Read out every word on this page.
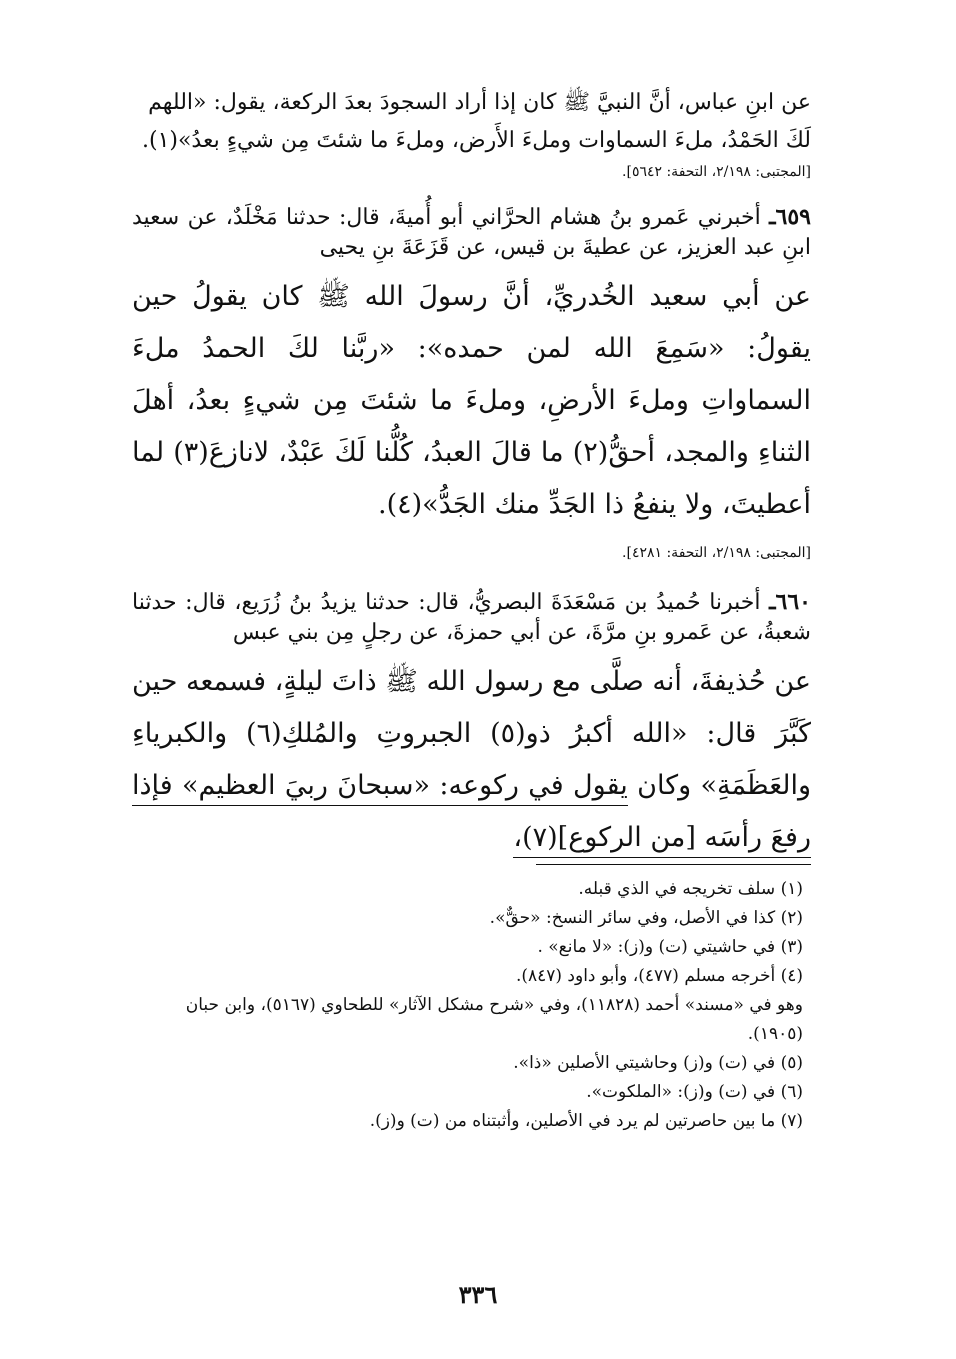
عن ابنِ عباس، أنَّ النبيَّ ﷺ كان إذا أراد السجودَ بعدَ الركعة، يقول: «اللهم

لَكَ الحَمْدُ، ملءَ السماوات وملءَ الأَرض، وملءَ ما شئتَ مِن شيءٍ بعدُ»(١).

[المجتبى: ٢/١٩٨، التحفة: ٥٦٤٢].

٦٥٩ـ أخبرني عَمرو بنُ هشام الحرَّاني أبو أُميةَ، قال: حدثنا مَخْلَدٌ، عن سعيد ابنِ عبد العزيز، عن عطيةَ بن قيس، عن قَزَعَةَ بنِ يحيى

عن أبي سعيد الخُدريِّ، أنَّ رسولَ الله ﷺ كان يقولُ حين يقولُ: «سَمِعَ الله لمن حمده»: «ربَّنا لكَ الحمدُ ملءَ السماواتِ وملءَ الأرضِ، وملءَ ما شئتَ مِن شيءٍ بعدُ، أهلَ الثناءِ والمجد، أحقُّ(٢) ما قالَ العبدُ، كُلُّنا لَكَ عَبْدٌ، لانازعَ(٣) لما أعطيتَ، ولا ينفعُ ذا الجَدِّ منك الجَدُّ»(٤).

[المجتبى: ٢/١٩٨، التحفة: ٤٢٨١].

٦٦٠ـ أخبرنا حُميدُ بن مَسْعَدَةَ البصريُّ، قال: حدثنا يزيدُ بنُ زُرَيع، قال: حدثنا شعبةُ، عن عَمرو بنِ مرَّةَ، عن أبي حمزةَ، عن رجلٍ مِن بني عبس

عن حُذيفةَ، أنه صلَّى مع رسول الله ﷺ ذاتَ ليلةٍ، فسمعه حين كَبَّرَ قال: «الله أكبرُ ذو(٥) الجبروتِ والمُلكِ(٦) والكبرياءِ والعَظَمَةِ» وكان يقول في ركوعه: «سبحانَ ربيَ العظيم» فإذا رفعَ رأسَه [من الركوع](٧)،

(١) سلف تخريجه في الذي قبله.

(٢) كذا في الأصل، وفي سائر النسخ: «حقٌّ».

(٣) في حاشيتي (ت) و(ز): «لا مانع» .

(٤) أخرجه مسلم (٤٧٧)، وأبو داود (٨٤٧).

وهو في «مسند» أحمد (١١٨٢٨)، وفي «شرح مشكل الآثار» للطحاوي (٥١٦٧)، وابن حبان

(١٩٠٥).

(٥) في (ت) و(ز) وحاشيتي الأصلين «ذا».

(٦) في (ت) و(ز): «الملكوت».

(٧) ما بين حاصرتين لم يرد في الأصلين، وأثبتناه من (ت) و(ز).

٣٣٦
